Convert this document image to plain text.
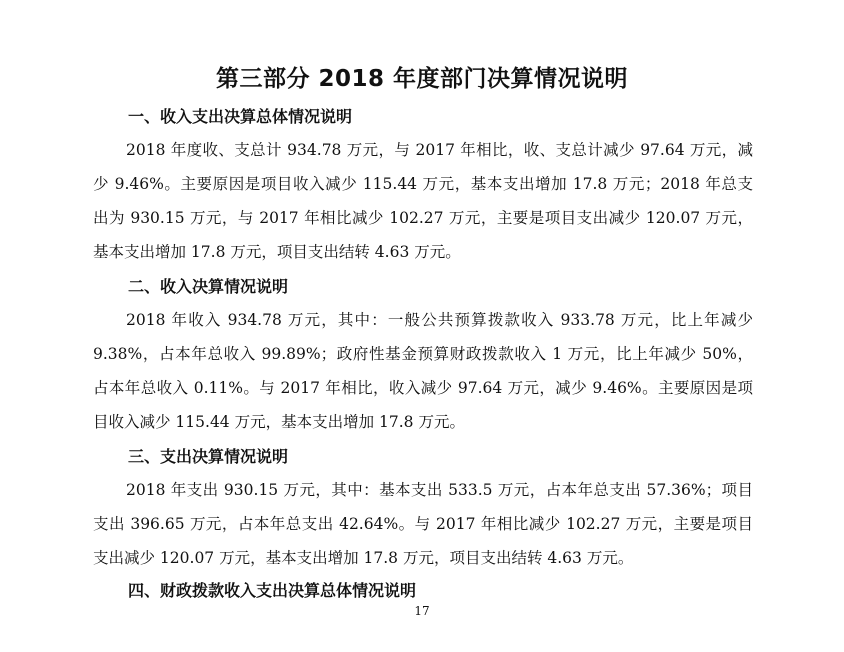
第三部分 2018 年度部门决算情况说明
一、收入支出决算总体情况说明
2018 年度收、支总计 934.78 万元，与 2017 年相比，收、支总计减少 97.64 万元，减
少 9.46%。主要原因是项目收入减少 115.44 万元，基本支出增加 17.8 万元；2018 年总支
出为 930.15 万元，与 2017 年相比减少 102.27 万元，主要是项目支出减少 120.07 万元，
基本支出增加 17.8 万元，项目支出结转 4.63 万元。
二、收入决算情况说明
2018 年收入 934.78 万元，其中：一般公共预算拨款收入 933.78 万元，比上年减少
9.38%，占本年总收入 99.89%；政府性基金预算财政拨款收入 1 万元，比上年减少 50%，
占本年总收入 0.11%。与 2017 年相比，收入减少 97.64 万元，减少 9.46%。主要原因是项
目收入减少 115.44 万元，基本支出增加 17.8 万元。
三、支出决算情况说明
2018 年支出 930.15 万元，其中：基本支出 533.5 万元，占本年总支出 57.36%；项目
支出 396.65 万元，占本年总支出 42.64%。与 2017 年相比减少 102.27 万元，主要是项目
支出减少 120.07 万元，基本支出增加 17.8 万元，项目支出结转 4.63 万元。
四、财政拨款收入支出决算总体情况说明
17
